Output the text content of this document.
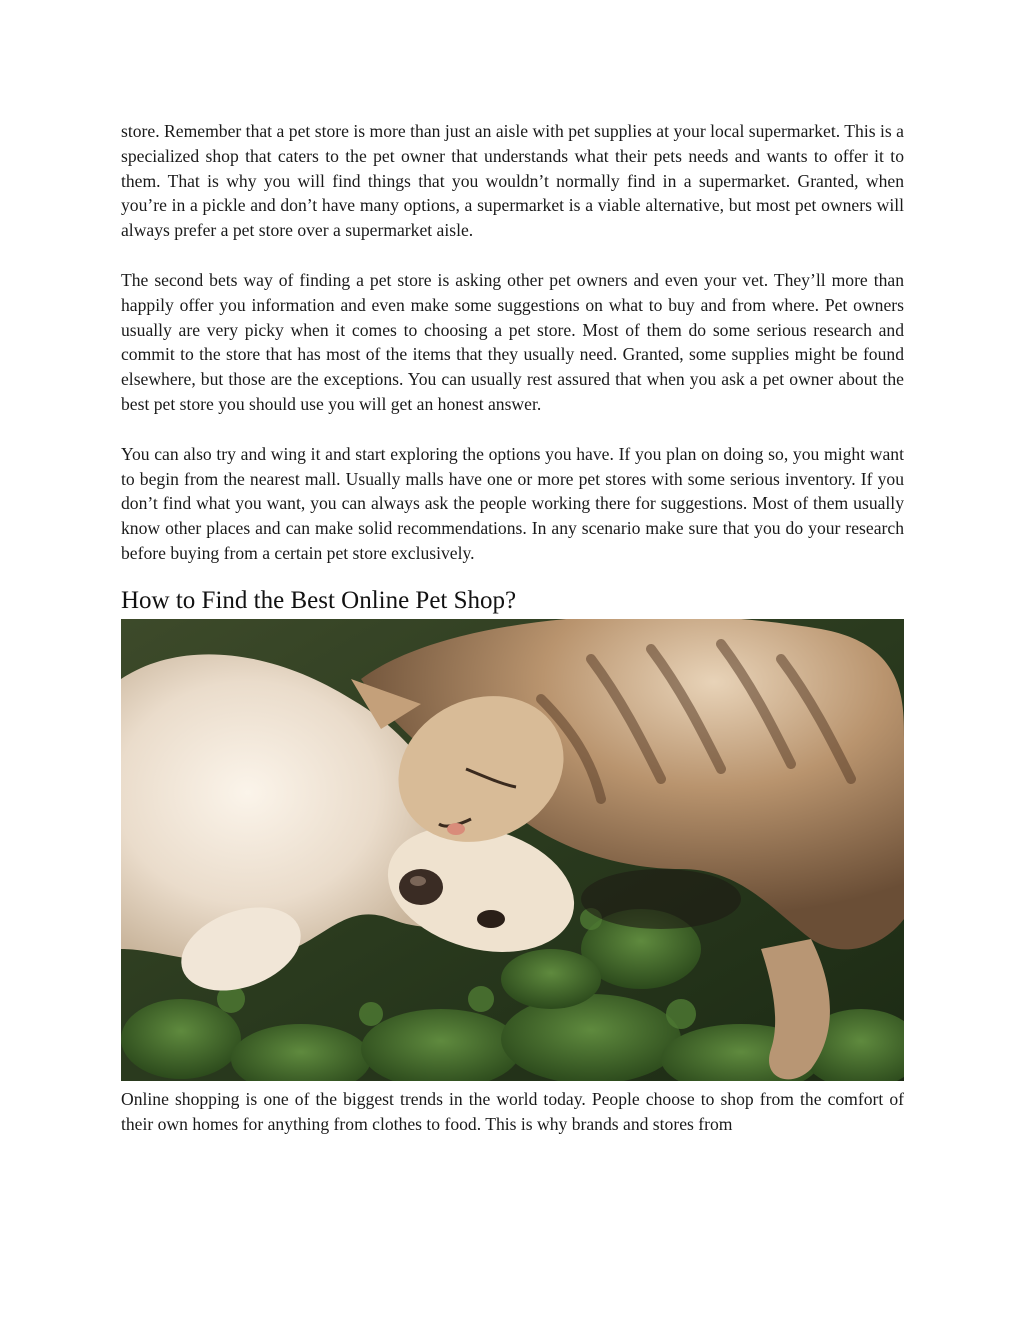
store. Remember that a pet store is more than just an aisle with pet supplies at your local supermarket. This is a specialized shop that caters to the pet owner that understands what their pets needs and wants to offer it to them. That is why you will find things that you wouldn’t normally find in a supermarket. Granted, when you’re in a pickle and don’t have many options, a supermarket is a viable alternative, but most pet owners will always prefer a pet store over a supermarket aisle.

The second bets way of finding a pet store is asking other pet owners and even your vet. They’ll more than happily offer you information and even make some suggestions on what to buy and from where. Pet owners usually are very picky when it comes to choosing a pet store. Most of them do some serious research and commit to the store that has most of the items that they usually need. Granted, some supplies might be found elsewhere, but those are the exceptions. You can usually rest assured that when you ask a pet owner about the best pet store you should use you will get an honest answer.

You can also try and wing it and start exploring the options you have. If you plan on doing so, you might want to begin from the nearest mall. Usually malls have one or more pet stores with some serious inventory. If you don’t find what you want, you can always ask the people working there for suggestions. Most of them usually know other places and can make solid recommendations. In any scenario make sure that you do your research before buying from a certain pet store exclusively.

How to Find the Best Online Pet Shop?

Online shopping is one of the biggest trends in the world today. People choose to shop from the comfort of their own homes for anything from clothes to food. This is why brands and stores from
